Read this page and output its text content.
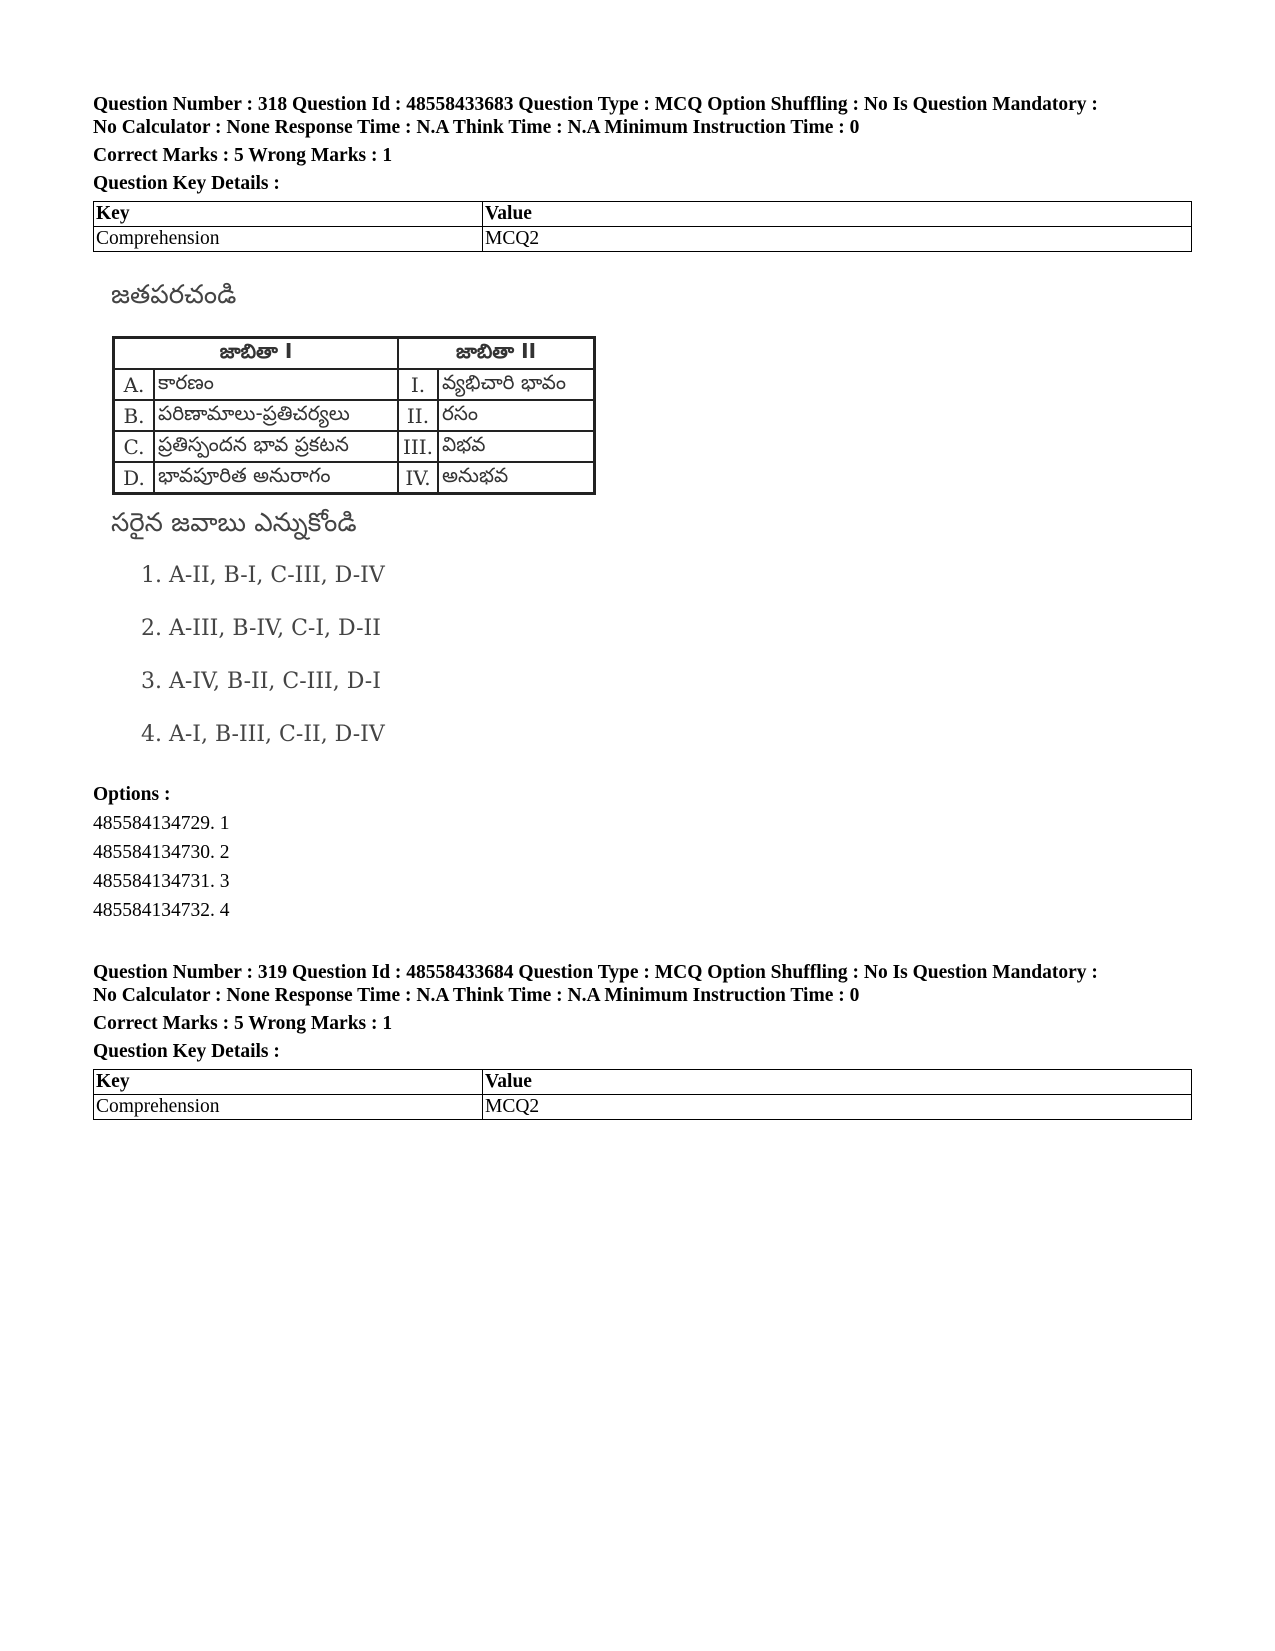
Question Number : 318 Question Id : 48558433683 Question Type : MCQ Option Shuffling : No Is Question Mandatory :
No Calculator : None Response Time : N.A Think Time : N.A Minimum Instruction Time : 0

Correct Marks : 5 Wrong Marks : 1
Question Key Details :
Key	Value
Comprehension	MCQ2
జతపరచండి
జాబితా I		జాబితా II	
A.	కారణం	I.	వ్యభిచారి భావం
B.	పరిణామాలు-ప్రతిచర్యలు	II.	రసం
C.	ప్రతిస్పందన భావ ప్రకటన	III.	విభవ
D.	భావపూరిత అనురాగం	IV.	అనుభవ
సరైన జవాబు ఎన్నుకోండి
1. A-II, B-I, C-III, D-IV
2. A-III, B-IV, C-I, D-II
3. A-IV, B-II, C-III, D-I
4. A-I, B-III, C-II, D-IV
Options :
485584134729. 1
485584134730. 2
485584134731. 3
485584134732. 4

Question Number : 319 Question Id : 48558433684 Question Type : MCQ Option Shuffling : No Is Question Mandatory :
No Calculator : None Response Time : N.A Think Time : N.A Minimum Instruction Time : 0

Correct Marks : 5 Wrong Marks : 1
Question Key Details :
Key	Value
Comprehension	MCQ2
